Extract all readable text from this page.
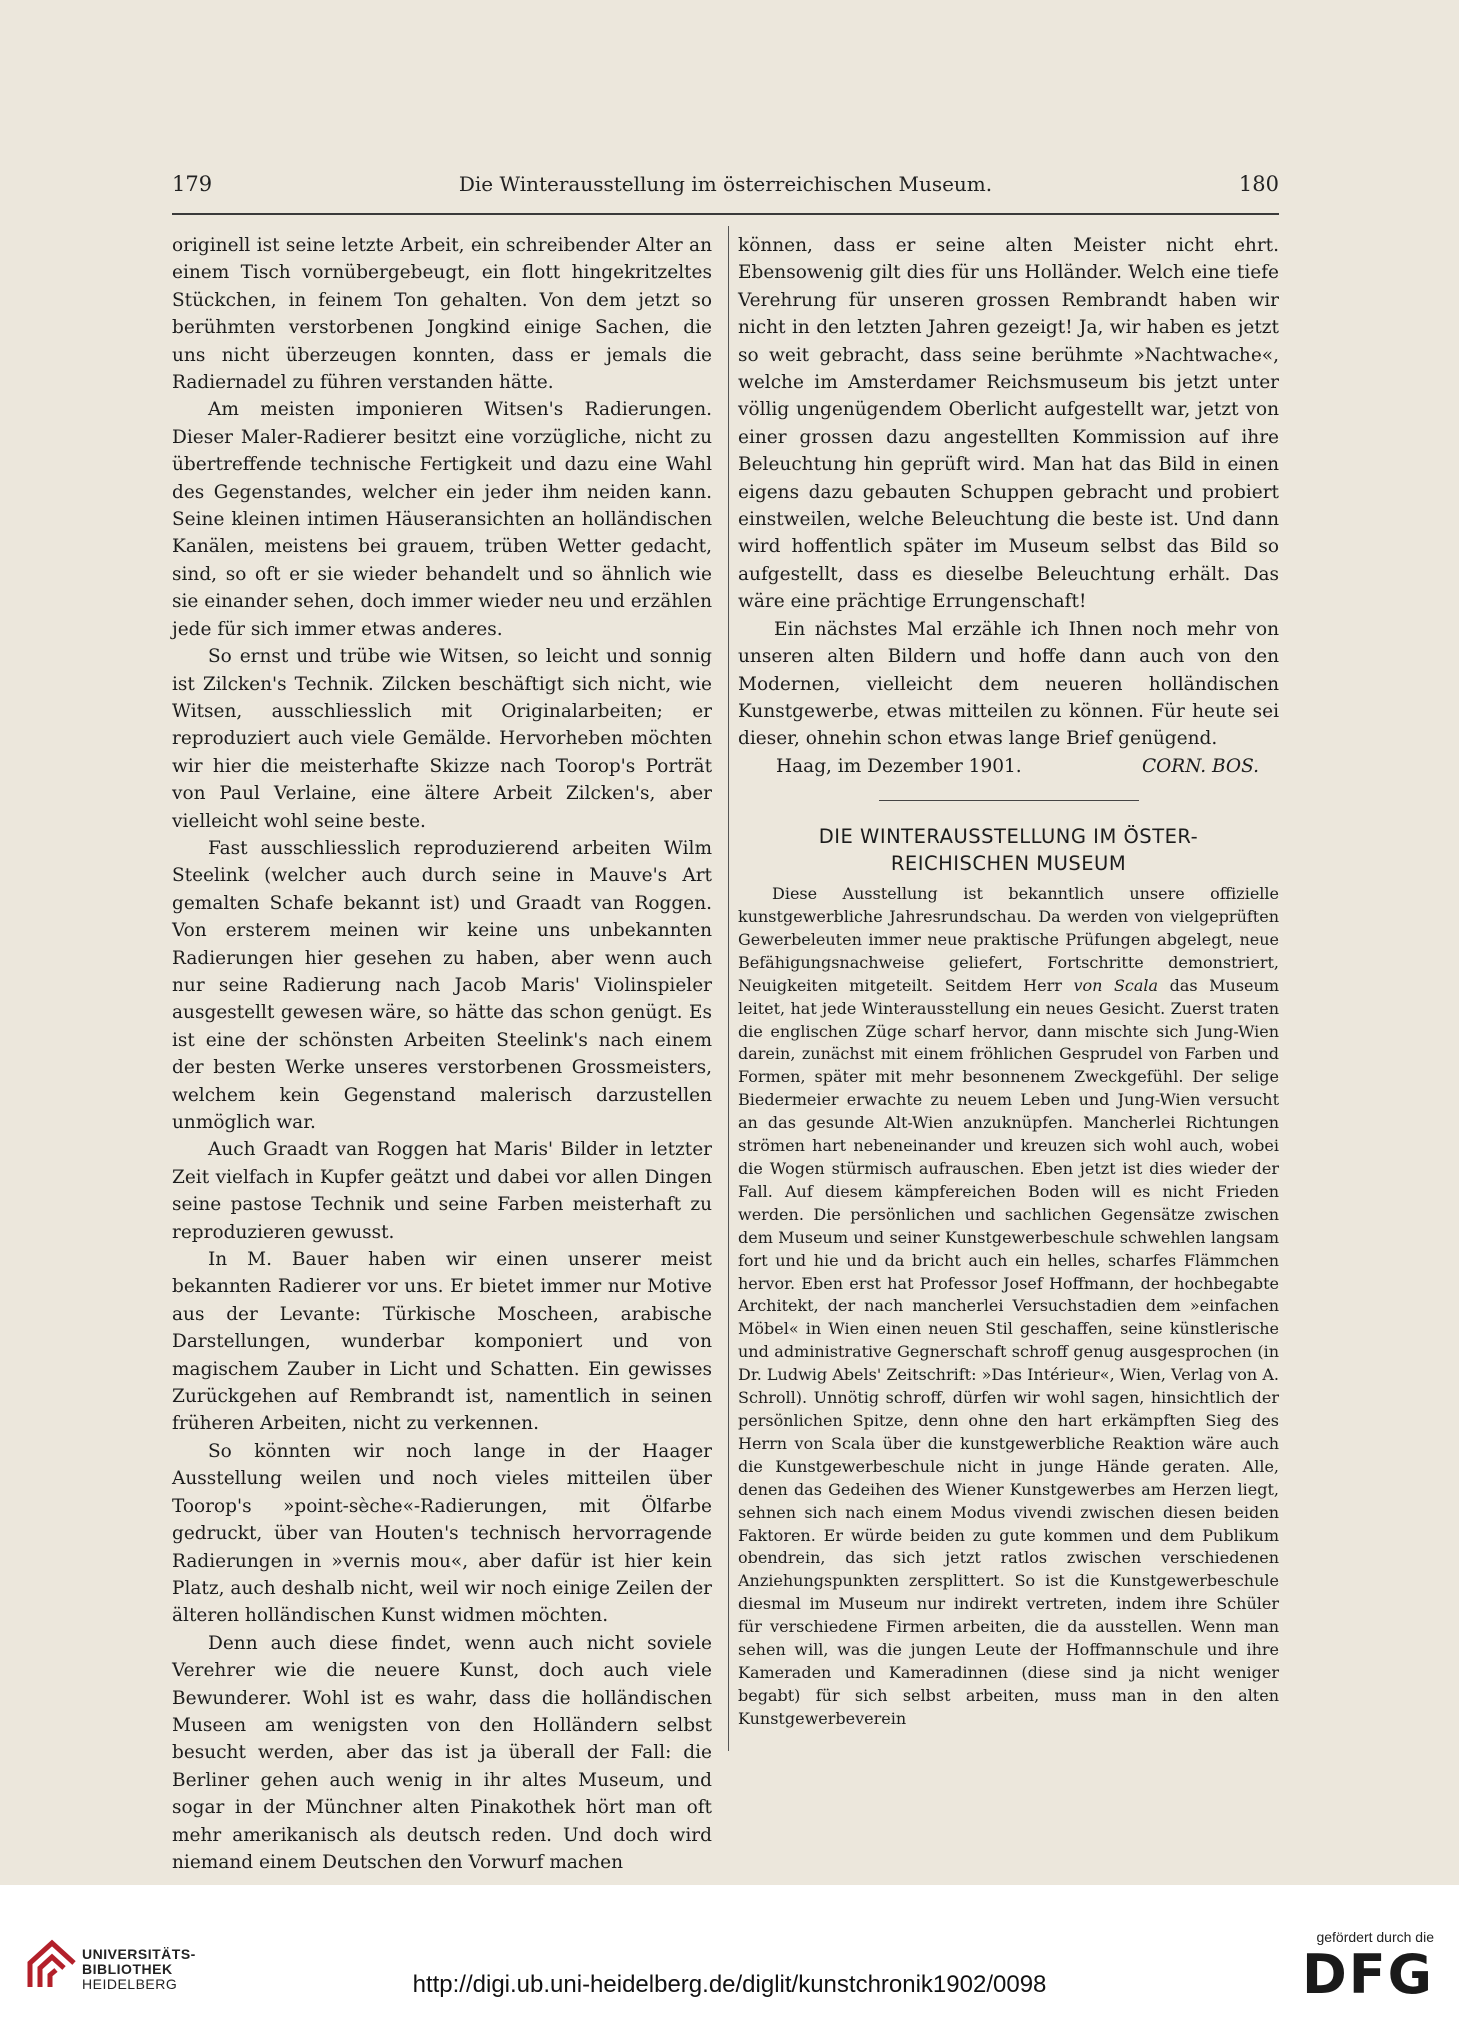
179	Die Winterausstellung im österreichischen Museum.	180

originell ist seine letzte Arbeit, ein schreibender Alter an einem Tisch vornübergebeugt, ein flott hingekritzeltes Stückchen, in feinem Ton gehalten. Von dem jetzt so berühmten verstorbenen Jongkind einige Sachen, die uns nicht überzeugen konnten, dass er jemals die Radiernadel zu führen verstanden hätte.

Am meisten imponieren Witsen's Radierungen. Dieser Maler-Radierer besitzt eine vorzügliche, nicht zu übertreffende technische Fertigkeit und dazu eine Wahl des Gegenstandes, welcher ein jeder ihm neiden kann. Seine kleinen intimen Häuseransichten an holländischen Kanälen, meistens bei grauem, trüben Wetter gedacht, sind, so oft er sie wieder behandelt und so ähnlich wie sie einander sehen, doch immer wieder neu und erzählen jede für sich immer etwas anderes.

So ernst und trübe wie Witsen, so leicht und sonnig ist Zilcken's Technik. Zilcken beschäftigt sich nicht, wie Witsen, ausschliesslich mit Originalarbeiten; er reproduziert auch viele Gemälde. Hervorheben möchten wir hier die meisterhafte Skizze nach Toorop's Porträt von Paul Verlaine, eine ältere Arbeit Zilcken's, aber vielleicht wohl seine beste.

Fast ausschliesslich reproduzierend arbeiten Wilm Steelink (welcher auch durch seine in Mauve's Art gemalten Schafe bekannt ist) und Graadt van Roggen. Von ersterem meinen wir keine uns unbekannten Radierungen hier gesehen zu haben, aber wenn auch nur seine Radierung nach Jacob Maris' Violinspieler ausgestellt gewesen wäre, so hätte das schon genügt. Es ist eine der schönsten Arbeiten Steelink's nach einem der besten Werke unseres verstorbenen Grossmeisters, welchem kein Gegenstand malerisch darzustellen unmöglich war.

Auch Graadt van Roggen hat Maris' Bilder in letzter Zeit vielfach in Kupfer geätzt und dabei vor allen Dingen seine pastose Technik und seine Farben meisterhaft zu reproduzieren gewusst.

In M. Bauer haben wir einen unserer meist bekannten Radierer vor uns. Er bietet immer nur Motive aus der Levante: Türkische Moscheen, arabische Darstellungen, wunderbar komponiert und von magischem Zauber in Licht und Schatten. Ein gewisses Zurückgehen auf Rembrandt ist, namentlich in seinen früheren Arbeiten, nicht zu verkennen.

So könnten wir noch lange in der Haager Ausstellung weilen und noch vieles mitteilen über Toorop's »point-sèche«-Radierungen, mit Ölfarbe gedruckt, über van Houten's technisch hervorragende Radierungen in »vernis mou«, aber dafür ist hier kein Platz, auch deshalb nicht, weil wir noch einige Zeilen der älteren holländischen Kunst widmen möchten.

Denn auch diese findet, wenn auch nicht soviele Verehrer wie die neuere Kunst, doch auch viele Bewunderer. Wohl ist es wahr, dass die holländischen Museen am wenigsten von den Holländern selbst besucht werden, aber das ist ja überall der Fall: die Berliner gehen auch wenig in ihr altes Museum, und sogar in der Münchner alten Pinakothek hört man oft mehr amerikanisch als deutsch reden. Und doch wird niemand einem Deutschen den Vorwurf machen

können, dass er seine alten Meister nicht ehrt. Ebensowenig gilt dies für uns Holländer. Welch eine tiefe Verehrung für unseren grossen Rembrandt haben wir nicht in den letzten Jahren gezeigt! Ja, wir haben es jetzt so weit gebracht, dass seine berühmte »Nachtwache«, welche im Amsterdamer Reichsmuseum bis jetzt unter völlig ungenügendem Oberlicht aufgestellt war, jetzt von einer grossen dazu angestellten Kommission auf ihre Beleuchtung hin geprüft wird. Man hat das Bild in einen eigens dazu gebauten Schuppen gebracht und probiert einstweilen, welche Beleuchtung die beste ist. Und dann wird hoffentlich später im Museum selbst das Bild so aufgestellt, dass es dieselbe Beleuchtung erhält. Das wäre eine prächtige Errungenschaft!

Ein nächstes Mal erzähle ich Ihnen noch mehr von unseren alten Bildern und hoffe dann auch von den Modernen, vielleicht dem neueren holländischen Kunstgewerbe, etwas mitteilen zu können. Für heute sei dieser, ohnehin schon etwas lange Brief genügend.

Haag, im Dezember 1901.	CORN. BOS.
DIE WINTERAUSSTELLUNG IM ÖSTER-
REICHISCHEN MUSEUM

Diese Ausstellung ist bekanntlich unsere offizielle kunstgewerbliche Jahresrundschau. Da werden von vielgeprüften Gewerbeleuten immer neue praktische Prüfungen abgelegt, neue Befähigungsnachweise geliefert, Fortschritte demonstriert, Neuigkeiten mitgeteilt. Seitdem Herr von Scala das Museum leitet, hat jede Winterausstellung ein neues Gesicht. Zuerst traten die englischen Züge scharf hervor, dann mischte sich Jung-Wien darein, zunächst mit einem fröhlichen Gesprudel von Farben und Formen, später mit mehr besonnenem Zweckgefühl. Der selige Biedermeier erwachte zu neuem Leben und Jung-Wien versucht an das gesunde Alt-Wien anzuknüpfen. Mancherlei Richtungen strömen hart nebeneinander und kreuzen sich wohl auch, wobei die Wogen stürmisch aufrauschen. Eben jetzt ist dies wieder der Fall. Auf diesem kämpfereichen Boden will es nicht Frieden werden. Die persönlichen und sachlichen Gegensätze zwischen dem Museum und seiner Kunstgewerbeschule schwehlen langsam fort und hie und da bricht auch ein helles, scharfes Flämmchen hervor. Eben erst hat Professor Josef Hoffmann, der hochbegabte Architekt, der nach mancherlei Versuchstadien dem »einfachen Möbel« in Wien einen neuen Stil geschaffen, seine künstlerische und administrative Gegnerschaft schroff genug ausgesprochen (in Dr. Ludwig Abels' Zeitschrift: »Das Intérieur«, Wien, Verlag von A. Schroll). Unnötig schroff, dürfen wir wohl sagen, hinsichtlich der persönlichen Spitze, denn ohne den hart erkämpften Sieg des Herrn von Scala über die kunstgewerbliche Reaktion wäre auch die Kunstgewerbeschule nicht in junge Hände geraten. Alle, denen das Gedeihen des Wiener Kunstgewerbes am Herzen liegt, sehnen sich nach einem Modus vivendi zwischen diesen beiden Faktoren. Er würde beiden zu gute kommen und dem Publikum obendrein, das sich jetzt ratlos zwischen verschiedenen Anziehungspunkten zersplittert. So ist die Kunstgewerbeschule diesmal im Museum nur indirekt vertreten, indem ihre Schüler für verschiedene Firmen arbeiten, die da ausstellen. Wenn man sehen will, was die jungen Leute der Hoffmannschule und ihre Kameraden und Kameradinnen (diese sind ja nicht weniger begabt) für sich selbst arbeiten, muss man in den alten Kunstgewerbeverein

UNIVERSITÄTS-
BIBLIOTHEK
HEIDELBERG	http://digi.ub.uni-heidelberg.de/diglit/kunstchronik1902/0098
gefördert durch die
DFG
